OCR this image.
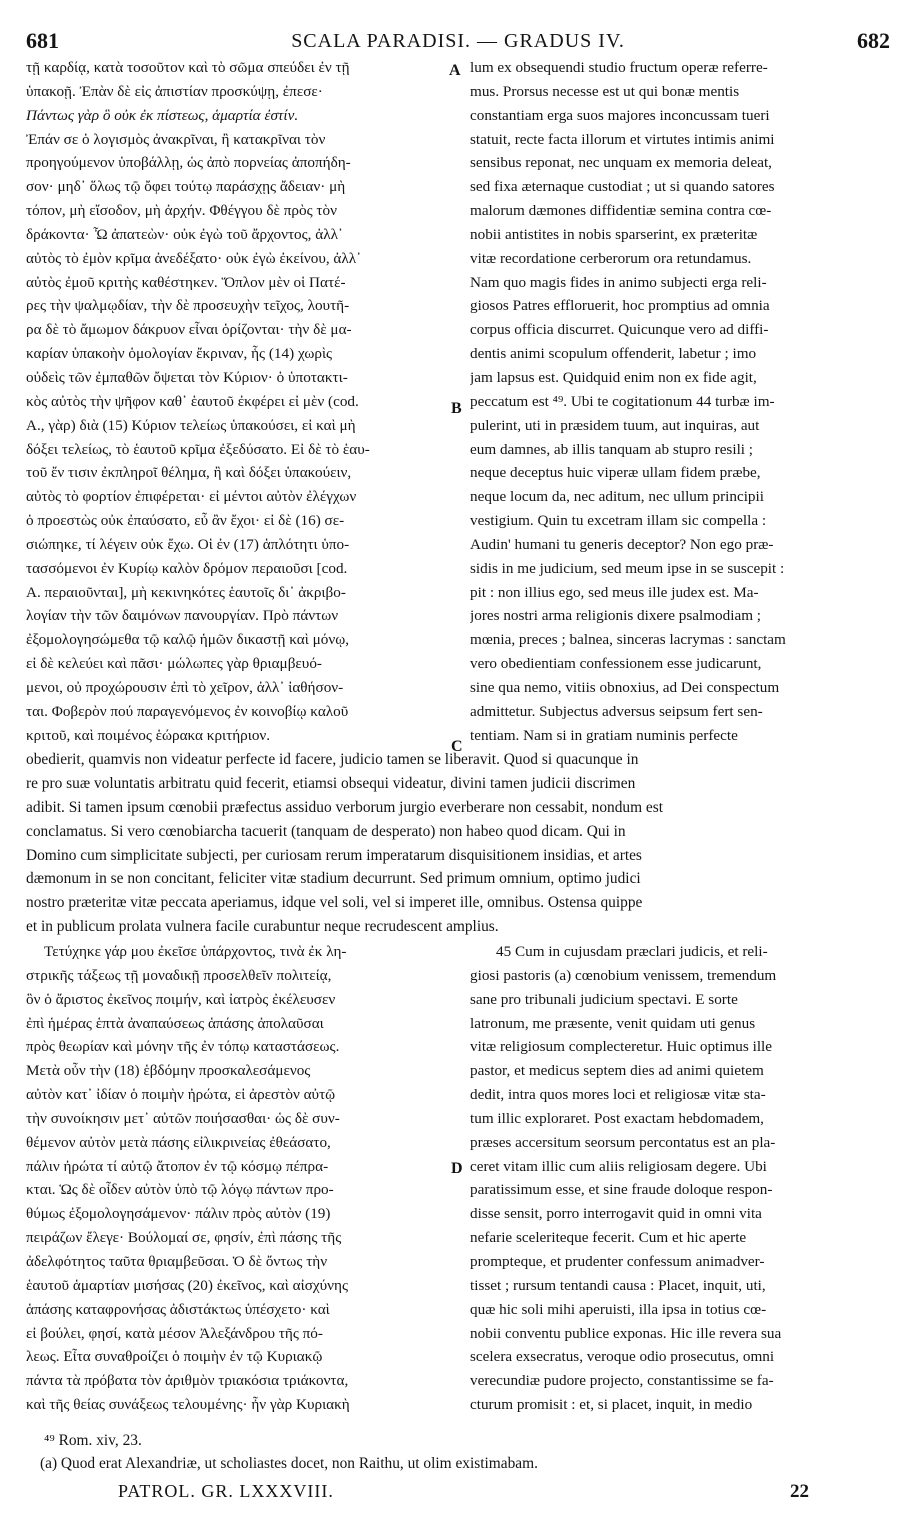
681	SCALA PARADISI. — GRADUS IV.	682
τῇ καρδίᾳ, κατὰ τοσοῦτον καὶ τὸ σῶμα σπεύδει ἐν τῇ
ὑπακοῇ. Ἐπὰν δὲ εἰς ἀπιστίαν προσκύψῃ, ἐπεσε·
Πάντως γὰρ ὃ οὐκ ἐκ πίστεως, ἁμαρτία ἐστίν.
Ἐπάν σε ὁ λογισμὸς ἀνακρῖναι, ἢ κατακρῖναι τὸν
προηγούμενον ὑποβάλλῃ, ὡς ἀπὸ πορνείας ἀποπήδη-
σον· μηδ᾽ ὅλως τῷ ὄφει τούτῳ παράσχῃς ἄδειαν· μὴ
τόπον, μὴ εἴσοδον, μὴ ἀρχήν. Φθέγγου δὲ πρὸς τὸν
δράκοντα· Ὦ ἀπατεὼν· οὐκ ἐγὼ τοῦ ἄρχοντος, ἀλλ᾽
αὐτὸς τὸ ἐμὸν κρῖμα ἀνεδέξατο· οὐκ ἐγὼ ἐκείνου, ἀλλ᾽
αὐτὸς ἐμοῦ κριτὴς καθέστηκεν. Ὅπλον μὲν οἱ Πατέ-
ρες τὴν ψαλμῳδίαν, τὴν δὲ προσευχὴν τεῖχος, λουτῆ-
ρα δὲ τὸ ἄμωμον δάκρυον εἶναι ὁρίζονται· τὴν δὲ μα-
καρίαν ὑπακοὴν ὁμολογίαν ἔκριναν, ἧς (14) χωρὶς
οὐδεὶς τῶν ἐμπαθῶν ὄψεται τὸν Κύριον· ὁ ὑποτακτι-
κὸς αὐτὸς τὴν ψῆφον καθ᾽ ἑαυτοῦ ἐκφέρει εἰ μὲν (cod.
A., γὰρ) διὰ (15) Κύριον τελείως ὑπακούσει, εἰ καὶ μὴ
δόξει τελείως, τὸ ἑαυτοῦ κρῖμα ἐξεδύσατο. Εἰ δὲ τὸ ἑαυ-
τοῦ ἔν τισιν ἐκπληροῖ θέλημα, ἢ καὶ δόξει ὑπακούειν,
αὐτὸς τὸ φορτίον ἐπιφέρεται· εἰ μέντοι αὐτὸν ἐλέγχων
ὁ προεστὼς οὐκ ἐπαύσατο, εὖ ἂν ἔχοι· εἰ δὲ (16) σε-
σιώπηκε, τί λέγειν οὐκ ἔχω. Οἱ ἐν (17) ἁπλότητι ὑπο-
τασσόμενοι ἐν Κυρίῳ καλὸν δρόμον περαιοῦσι [cod.
A. περαιοῦνται], μὴ κεκινηκότες ἑαυτοῖς δι᾽ ἀκριβο-
λογίαν τὴν τῶν δαιμόνων πανουργίαν. Πρὸ πάντων
ἐξομολογησώμεθα τῷ καλῷ ἡμῶν δικαστῇ καὶ μόνῳ,
εἰ δὲ κελεύει καὶ πᾶσι· μώλωπες γὰρ θριαμβευό-
μενοι, οὐ προχώρουσιν ἐπὶ τὸ χεῖρον, ἀλλ᾽ ἰαθήσον-
ται. Φοβερὸν πού παραγενόμενος ἐν κοινοβίῳ καλοῦ
κριτοῦ, καὶ ποιμένος ἑώρακα κριτήριον.
lum ex obsequendi studio fructum operæ referre-
mus. Prorsus necesse est ut qui bonæ mentis
constantiam erga suos majores inconcussam tueri
statuit, recte facta illorum et virtutes intimis animi
sensibus reponat, nec unquam ex memoria deleat,
sed fixa æternaque custodiat ; ut si quando satores
malorum dæmones diffidentiæ semina contra cœ-
nobii antistites in nobis sparserint, ex præteritæ
vitæ recordatione cerberorum ora retundamus.
Nam quo magis fides in animo subjecti erga reli-
giosos Patres effloruerit, hoc promptius ad omnia
corpus officia discurret. Quicunque vero ad diffi-
dentis animi scopulum offenderit, labetur ; imo
jam lapsus est. Quidquid enim non ex fide agit,
peccatum est ⁴⁹. Ubi te cogitationum 44 turbæ im-
pulerint, uti in præsidem tuum, aut inquiras, aut
eum damnes, ab illis tanquam ab stupro resili ;
neque deceptus huic viperæ ullam fidem præbe,
neque locum da, nec aditum, nec ullum principii
vestigium. Quin tu excetram illam sic compella :
Audin' humani tu generis deceptor? Non ego præ-
sidis in me judicium, sed meum ipse in se suscepit :
pit : non illius ego, sed meus ille judex est. Ma-
jores nostri arma religionis dixere psalmodiam ;
mœnia, preces ; balnea, sinceras lacrymas : sanctam
vero obedientiam confessionem esse judicarunt,
sine qua nemo, vitiis obnoxius, ad Dei conspectum
admittetur. Subjectus adversus seipsum fert sen-
tentiam. Nam si in gratiam numinis perfecte
A
B
C
D
obedierit, quamvis non videatur perfecte id facere, judicio tamen se liberavit. Quod si quacunque in
re pro suæ voluntatis arbitratu quid fecerit, etiamsi obsequi videatur, divini tamen judicii discrimen
adibit. Si tamen ipsum cœnobii præfectus assiduo verborum jurgio everberare non cessabit, nondum est
conclamatus. Si vero cœnobiarcha tacuerit (tanquam de desperato) non habeo quod dicam. Qui in
Domino cum simplicitate subjecti, per curiosam rerum imperatarum disquisitionem insidias, et artes
dæmonum in se non concitant, feliciter vitæ stadium decurrunt. Sed primum omnium, optimo judici
nostro præteritæ vitæ peccata aperiamus, idque vel soli, vel si imperet ille, omnibus. Ostensa quippe
et in publicum prolata vulnera facile curabuntur neque recrudescent amplius.
Τετύχηκε γάρ μου ἐκεῖσε ὑπάρχοντος, τινὰ ἐκ λη-
στρικῆς τάξεως τῇ μοναδικῇ προσελθεῖν πολιτείᾳ,
ὃν ὁ ἄριστος ἐκεῖνος ποιμήν, καὶ ἰατρὸς ἐκέλευσεν
ἐπὶ ἡμέρας ἑπτὰ ἀναπαύσεως ἁπάσης ἀπολαῦσαι
πρὸς θεωρίαν καὶ μόνην τῆς ἐν τόπῳ καταστάσεως.
Μετὰ οὖν τὴν (18) ἑβδόμην προσκαλεσάμενος
αὐτὸν κατ᾽ ἰδίαν ὁ ποιμὴν ἠρώτα, εἰ ἀρεστὸν αὐτῷ
τὴν συνοίκησιν μετ᾽ αὐτῶν ποιήσασθαι· ὡς δὲ συν-
θέμενον αὐτὸν μετὰ πάσης εἰλικρινείας ἐθεάσατο,
πάλιν ἠρώτα τί αὐτῷ ἄτοπον ἐν τῷ κόσμῳ πέπρα-
κται. Ὡς δὲ οἶδεν αὐτὸν ὑπὸ τῷ λόγῳ πάντων προ-
θύμως ἐξομολογησάμενον· πάλιν πρὸς αὐτὸν (19)
πειράζων ἔλεγε· Βούλομαί σε, φησίν, ἐπὶ πάσης τῆς
ἀδελφότητος ταῦτα θριαμβεῦσαι. Ὁ δὲ ὄντως τὴν
ἑαυτοῦ ἁμαρτίαν μισήσας (20) ἐκεῖνος, καὶ αἰσχύνης
ἁπάσης καταφρονήσας ἀδιστάκτως ὑπέσχετο· καὶ
εἰ βούλει, φησί, κατὰ μέσον Ἀλεξάνδρου τῆς πό-
λεως. Εἶτα συναθροίζει ὁ ποιμὴν ἐν τῷ Κυριακῷ
πάντα τὰ πρόβατα τὸν ἀριθμὸν τριακόσια τριάκοντα,
καὶ τῆς θείας συνάξεως τελουμένης· ἦν γὰρ Κυριακὴ
45 Cum in cujusdam præclari judicis, et reli-
giosi pastoris (a) cœnobium venissem, tremendum
sane pro tribunali judicium spectavi. E sorte
latronum, me præsente, venit quidam uti genus
vitæ religiosum complecteretur. Huic optimus ille
pastor, et medicus septem dies ad animi quietem
dedit, intra quos mores loci et religiosæ vitæ sta-
tum illic exploraret. Post exactam hebdomadem,
præses accersitum seorsum percontatus est an pla-
ceret vitam illic cum aliis religiosam degere. Ubi
paratissimum esse, et sine fraude doloque respon-
disse sensit, porro interrogavit quid in omni vita
nefarie sceleriteque fecerit. Cum et hic aperte
prompteque, et prudenter confessum animadver-
tisset ; rursum tentandi causa : Placet, inquit, uti,
quæ hic soli mihi aperuisti, illa ipsa in totius cœ-
nobii conventu publice exponas. Hic ille revera sua
scelera exsecratus, veroque odio prosecutus, omni
verecundiæ pudore projecto, constantissime se fa-
cturum promisit : et, si placet, inquit, in medio
⁴⁹ Rom. xiv, 23.
(a) Quod erat Alexandriæ, ut scholiastes docet, non Raithu, ut olim existimabam.
PATROL. GR. LXXXVIII.	22
